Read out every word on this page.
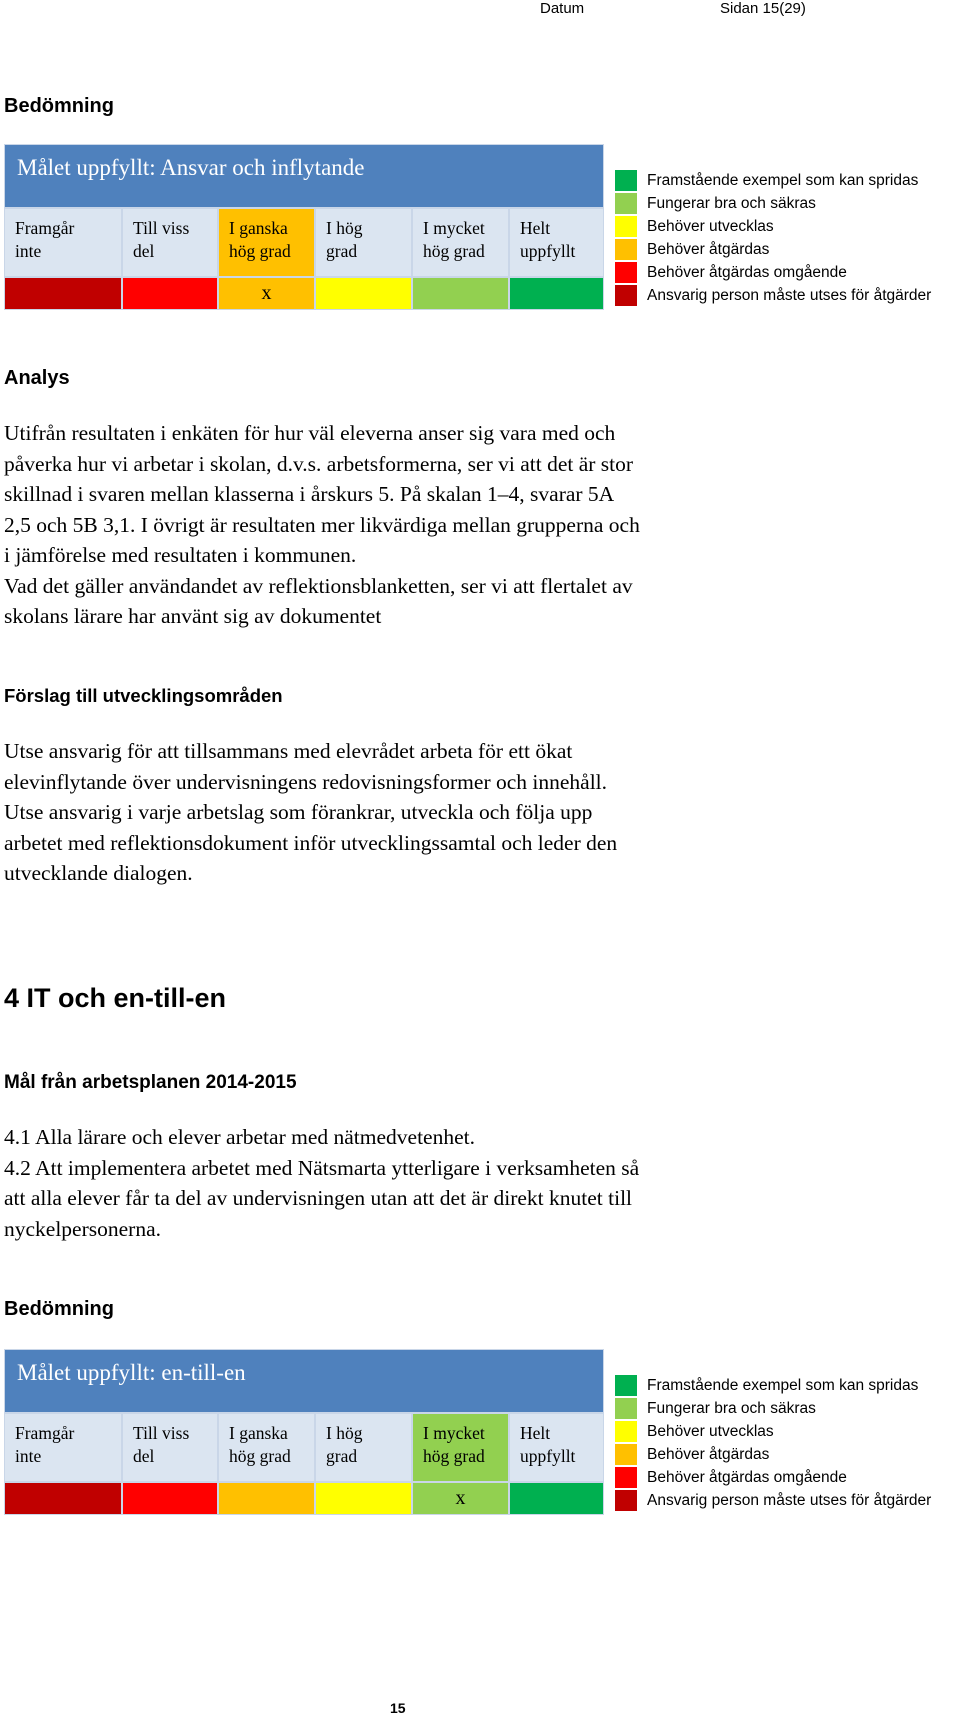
Datum	Sidan 15(29)
Bedömning
Målet uppfyllt: Ansvar och inflytande
Framgår
inte
Till viss
del
I ganska
hög grad
I hög
grad
I mycket
hög grad
Helt
uppfyllt
x
Framstående exempel som kan spridas
Fungerar bra och säkras
Behöver utvecklas
Behöver åtgärdas
Behöver åtgärdas omgående
Ansvarig person måste utses för åtgärder
Analys
Utifrån resultaten i enkäten för hur väl eleverna anser sig vara med och
påverka hur vi arbetar i skolan, d.v.s. arbetsformerna, ser vi att det är stor
skillnad i svaren mellan klasserna i årskurs 5. På skalan 1–4, svarar 5A
2,5 och 5B 3,1. I övrigt är resultaten mer likvärdiga mellan grupperna och
i jämförelse med resultaten i kommunen.
Vad det gäller användandet av reflektionsblanketten, ser vi att flertalet av
skolans lärare har använt sig av dokumentet
Förslag till utvecklingsområden
Utse ansvarig för att tillsammans med elevrådet arbeta för ett ökat
elevinflytande över undervisningens redovisningsformer och innehåll.
Utse ansvarig i varje arbetslag som förankrar, utveckla och följa upp
arbetet med reflektionsdokument inför utvecklingssamtal och leder den
utvecklande dialogen.
4 IT och en-till-en
Mål från arbetsplanen 2014-2015
4.1 Alla lärare och elever arbetar med nätmedvetenhet.
4.2 Att implementera arbetet med Nätsmarta ytterligare i verksamheten så
att alla elever får ta del av undervisningen utan att det är direkt knutet till
nyckelpersonerna.
Bedömning
Målet uppfyllt: en-till-en
Framgår
inte
Till viss
del
I ganska
hög grad
I hög
grad
I mycket
hög grad
Helt
uppfyllt
x
Framstående exempel som kan spridas
Fungerar bra och säkras
Behöver utvecklas
Behöver åtgärdas
Behöver åtgärdas omgående
Ansvarig person måste utses för åtgärder
15
